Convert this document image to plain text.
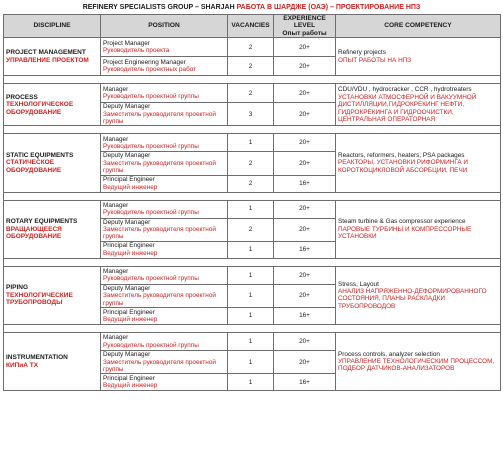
REFINERY SPECIALISTS GROUP – SHARJAH РАБОТА В ШАРДЖЕ (ОАЭ) – ПРОЕКТИРОВАНИЕ НПЗ
DISCIPLINE	POSITION	VACANCIES	EXPERIENCE LEVEL
Опыт работы	CORE COMPETENCY

PROJECT MANAGEMENT
УПРАВЛЕНИЕ ПРОЕКТОМ	Project Manager
Руководитель проекта	2	20+	Refinery projects
ОПЫТ РАБОТЫ НА НПЗ

	Project Engineering Manager
Руководитель проектных работ	2	20+	

PROCESS
ТЕХНОЛОГИЧЕСКОЕ ОБОРУДОВАНИЕ	Manager
Руководитель проектной группы	2	20+	CDU/VDU , hydrocracker , CCR , hydrotreaters
УСТАНОВКИ АТМОСФЕРНОЙ И ВАКУУМНОЙ ДИСТИЛЛЯЦИИ,ГИДРОКРЕКИНГ НЕФТИ, ГИДРОКРЕКИНГА И ГИДРООЧИСТКИ, ЦЕНТРАЛЬНАЯ ОПЕРАТОРНАЯ

	Deputy Manager
Заместитель руководителя проектной группы	3	20+	

STATIC EQUIPMENTS
СТАТИЧЕСКОЕ ОБОРУДОВАНИЕ	Manager
Руководитель проектной группы	1	20+	Reactors, reformers, heaters, PSA packages
РЕАКТОРЫ, УСТАНОВКИ РИФОРМИНГА И КОРОТКОЦИКЛОВОЙ АБСОРБЦИИ, ПЕЧИ

	Deputy Manager
Заместитель руководителя проектной группы	2	20+	

	Principal Engineer
Ведущий инженер	2	16+	

ROTARY EQUIPMENTS
ВРАЩАЮЩЕЕСЯ ОБОРУДОВАНИЕ	Manager
Руководитель проектной группы	1	20+	Steam turbine & Gas compressor experience
ПАРОВЫЕ ТУРБИНЫ И КОМПРЕССОРНЫЕ УСТАНОВКИ

	Deputy Manager
Заместитель руководителя проектной группы	2	20+	

	Principal Engineer
Ведущий инженер	1	16+	

PIPING
ТЕХНОЛОГИЧЕСКИЕ ТРУБОПРОВОДЫ	Manager
Руководитель проектной группы	1	20+	Stress, Layout
АНАЛИЗ НАПРЯЖЕННО-ДЕФОРМИРОВАННОГО СОСТОЯНИЯ, ПЛАНЫ РАСКЛАДКИ ТРУБОПРОВОДОВ

	Deputy Manager
Заместитель руководителя проектной группы	1	20+	

	Principal Engineer
Ведущий инженер	1	16+	

INSTRUMENTATION
КИПиА ТХ	Manager
Руководитель проектной группы	1	20+	Process controls, analyzer selection
УПРАВЛЕНИЕ ТЕХНОЛОГИЧЕСКИМ ПРОЦЕССОМ, ПОДБОР ДАТЧИКОВ-АНАЛИЗАТОРОВ

	Deputy Manager
Заместитель руководителя проектной группы	1	20+	

	Principal Engineer
Ведущий инженер	1	16+	
